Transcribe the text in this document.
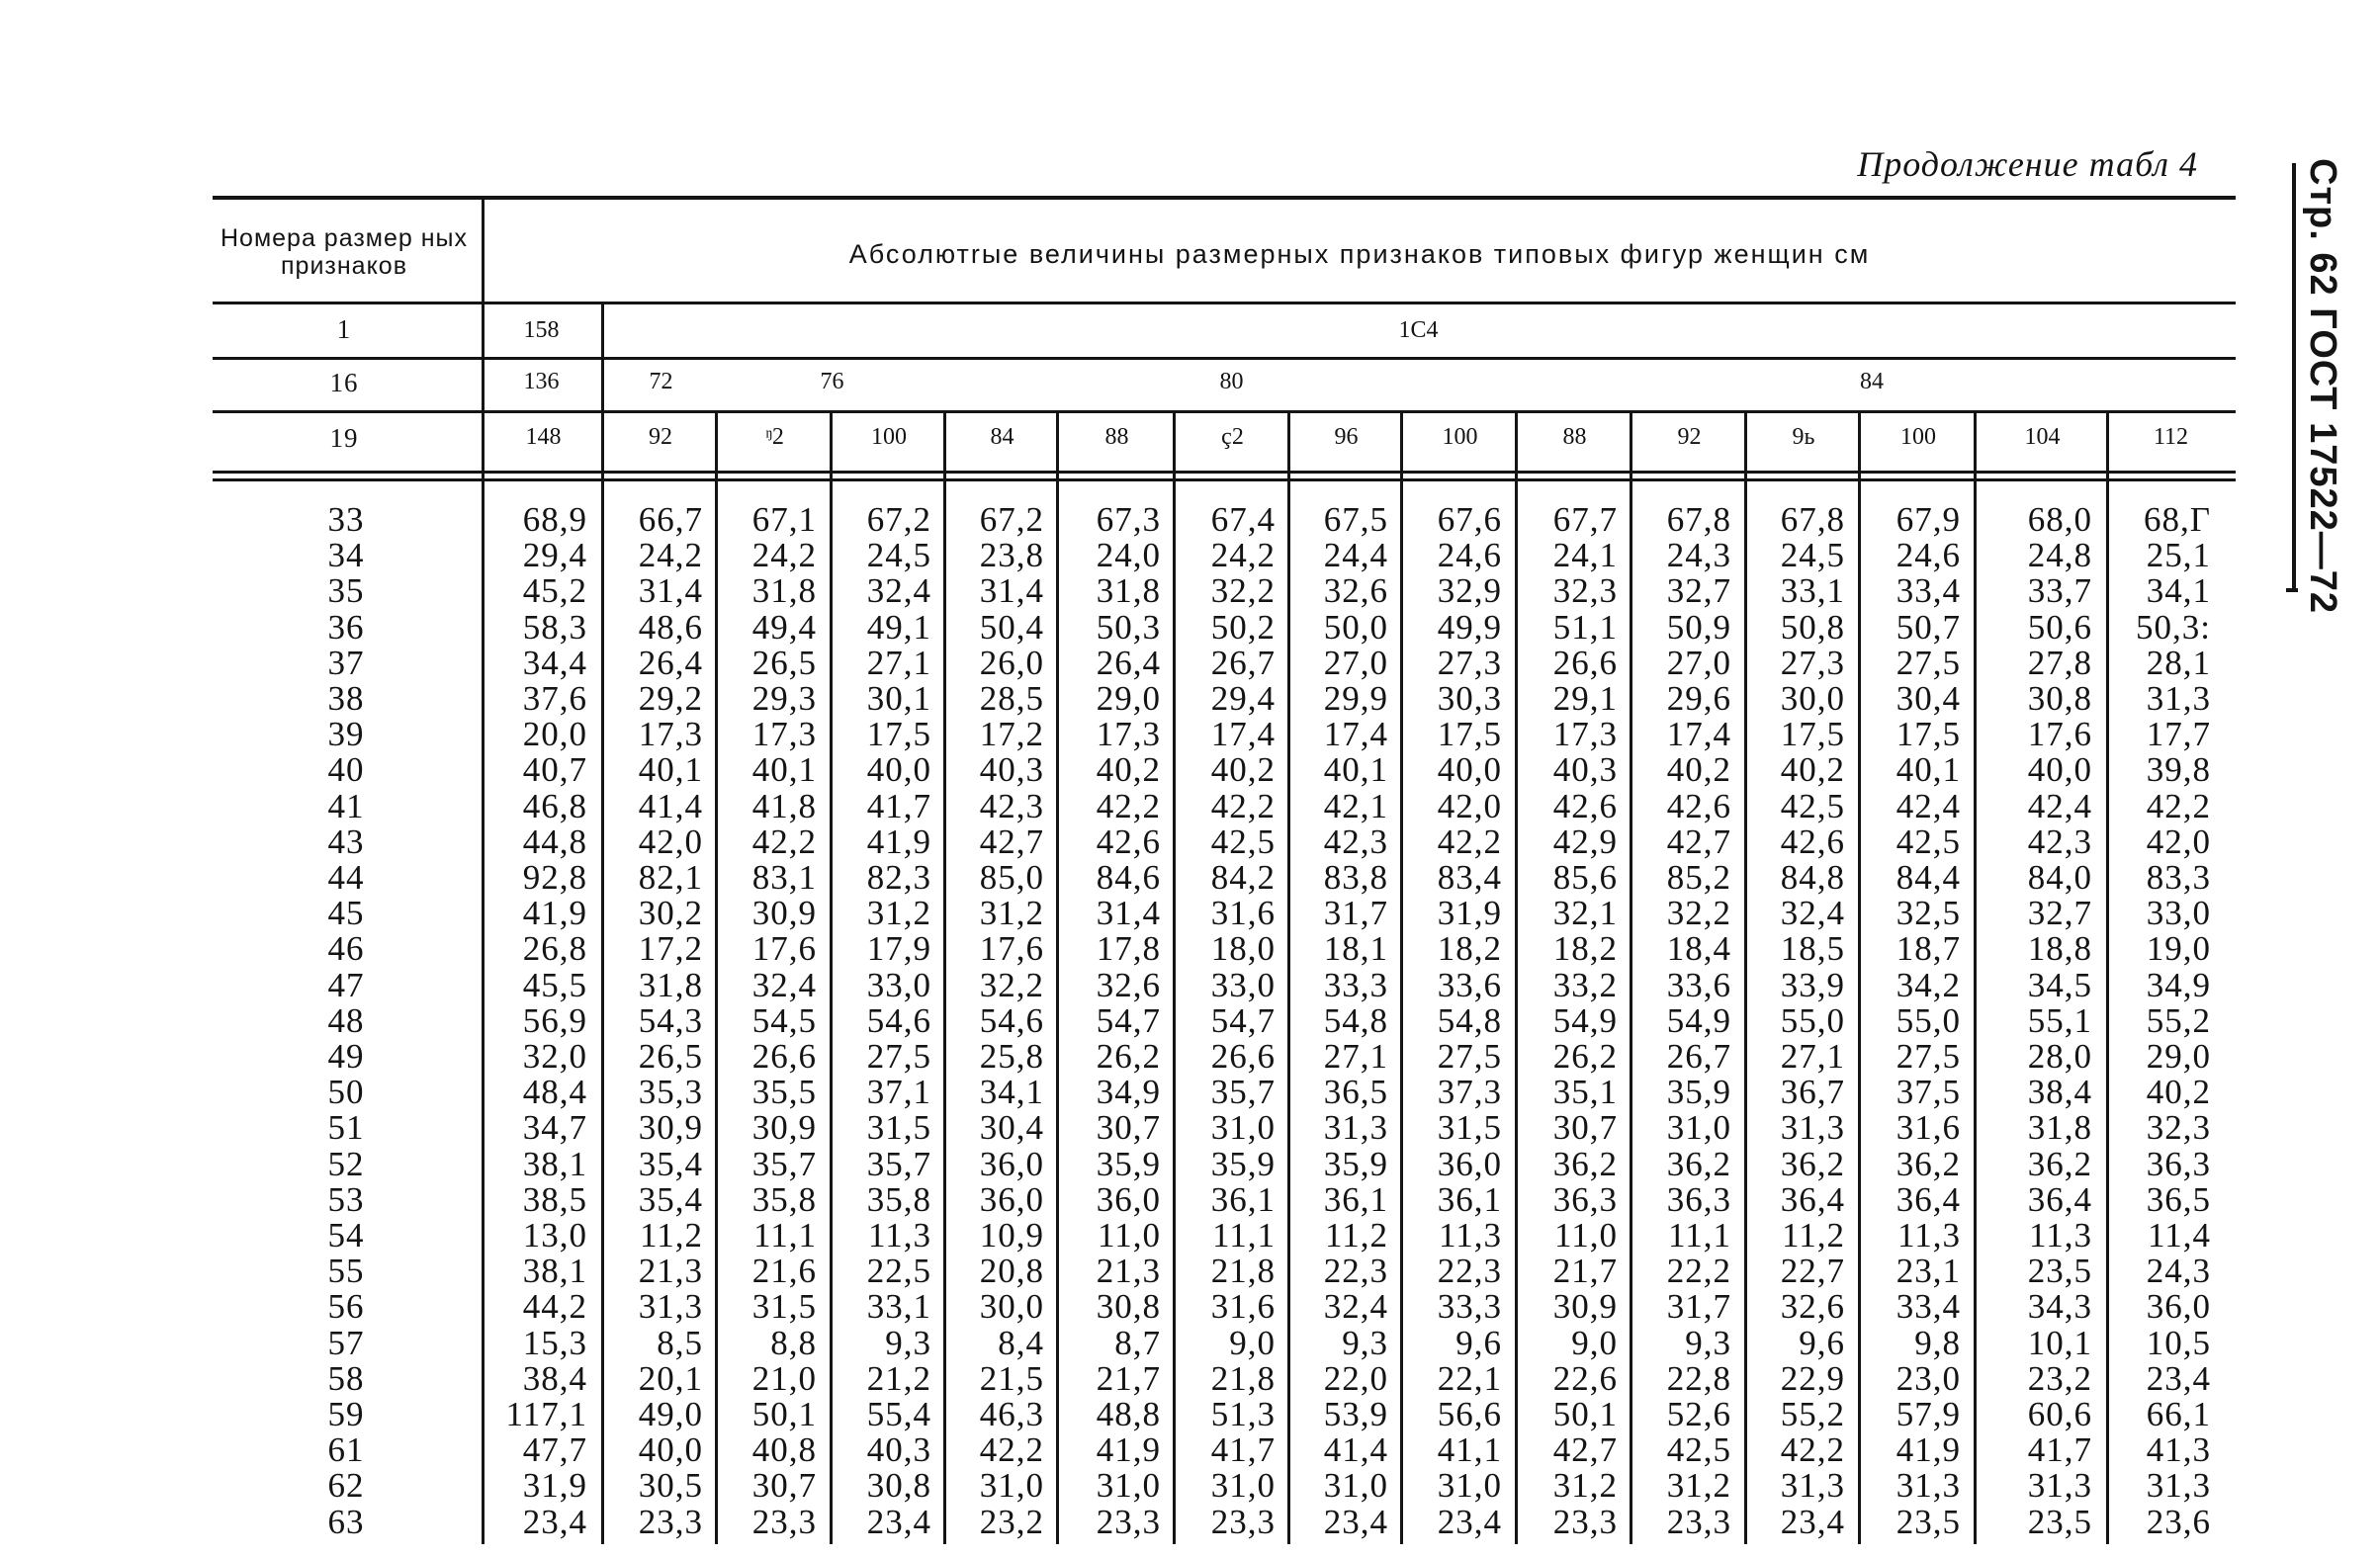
Продолжение табл 4	Стр. 62 ГОСТ 17522—72
Номера размер ных признаков	Абсолютrые величины размерных признаков типовых фигур женщин см
1	158	1С4
16	136	72	76	80	84
19	148	92	ᵑ2	100	84	88	ç2	96	100	88	92	9ь	100	104	112
33	68,9	66,7	67,1	67,2	67,2	67,3	67,4	67,5	67,6	67,7	67,8	67,8	67,9	68,0	68,Г
34	29,4	24,2	24,2	24,5	23,8	24,0	24,2	24,4	24,6	24,1	24,3	24,5	24,6	24,8	25,1
35	45,2	31,4	31,8	32,4	31,4	31,8	32,2	32,6	32,9	32,3	32,7	33,1	33,4	33,7	34,1
36	58,3	48,6	49,4	49,1	50,4	50,3	50,2	50,0	49,9	51,1	50,9	50,8	50,7	50,6	50,3:
37	34,4	26,4	26,5	27,1	26,0	26,4	26,7	27,0	27,3	26,6	27,0	27,3	27,5	27,8	28,1
38	37,6	29,2	29,3	30,1	28,5	29,0	29,4	29,9	30,3	29,1	29,6	30,0	30,4	30,8	31,3
39	20,0	17,3	17,3	17,5	17,2	17,3	17,4	17,4	17,5	17,3	17,4	17,5	17,5	17,6	17,7
40	40,7	40,1	40,1	40,0	40,3	40,2	40,2	40,1	40,0	40,3	40,2	40,2	40,1	40,0	39,8
41	46,8	41,4	41,8	41,7	42,3	42,2	42,2	42,1	42,0	42,6	42,6	42,5	42,4	42,4	42,2
43	44,8	42,0	42,2	41,9	42,7	42,6	42,5	42,3	42,2	42,9	42,7	42,6	42,5	42,3	42,0
44	92,8	82,1	83,1	82,3	85,0	84,6	84,2	83,8	83,4	85,6	85,2	84,8	84,4	84,0	83,3
45	41,9	30,2	30,9	31,2	31,2	31,4	31,6	31,7	31,9	32,1	32,2	32,4	32,5	32,7	33,0
46	26,8	17,2	17,6	17,9	17,6	17,8	18,0	18,1	18,2	18,2	18,4	18,5	18,7	18,8	19,0
47	45,5	31,8	32,4	33,0	32,2	32,6	33,0	33,3	33,6	33,2	33,6	33,9	34,2	34,5	34,9
48	56,9	54,3	54,5	54,6	54,6	54,7	54,7	54,8	54,8	54,9	54,9	55,0	55,0	55,1	55,2
49	32,0	26,5	26,6	27,5	25,8	26,2	26,6	27,1	27,5	26,2	26,7	27,1	27,5	28,0	29,0
50	48,4	35,3	35,5	37,1	34,1	34,9	35,7	36,5	37,3	35,1	35,9	36,7	37,5	38,4	40,2
51	34,7	30,9	30,9	31,5	30,4	30,7	31,0	31,3	31,5	30,7	31,0	31,3	31,6	31,8	32,3
52	38,1	35,4	35,7	35,7	36,0	35,9	35,9	35,9	36,0	36,2	36,2	36,2	36,2	36,2	36,3
53	38,5	35,4	35,8	35,8	36,0	36,0	36,1	36,1	36,1	36,3	36,3	36,4	36,4	36,4	36,5
54	13,0	11,2	11,1	11,3	10,9	11,0	11,1	11,2	11,3	11,0	11,1	11,2	11,3	11,3	11,4
55	38,1	21,3	21,6	22,5	20,8	21,3	21,8	22,3	22,3	21,7	22,2	22,7	23,1	23,5	24,3
56	44,2	31,3	31,5	33,1	30,0	30,8	31,6	32,4	33,3	30,9	31,7	32,6	33,4	34,3	36,0
57	15,3	8,5	8,8	9,3	8,4	8,7	9,0	9,3	9,6	9,0	9,3	9,6	9,8	10,1	10,5
58	38,4	20,1	21,0	21,2	21,5	21,7	21,8	22,0	22,1	22,6	22,8	22,9	23,0	23,2	23,4
59	117,1	49,0	50,1	55,4	46,3	48,8	51,3	53,9	56,6	50,1	52,6	55,2	57,9	60,6	66,1
61	47,7	40,0	40,8	40,3	42,2	41,9	41,7	41,4	41,1	42,7	42,5	42,2	41,9	41,7	41,3
62	31,9	30,5	30,7	30,8	31,0	31,0	31,0	31,0	31,0	31,2	31,2	31,3	31,3	31,3	31,3
63	23,4	23,3	23,3	23,4	23,2	23,3	23,3	23,4	23,4	23,3	23,3	23,4	23,5	23,5	23,6
